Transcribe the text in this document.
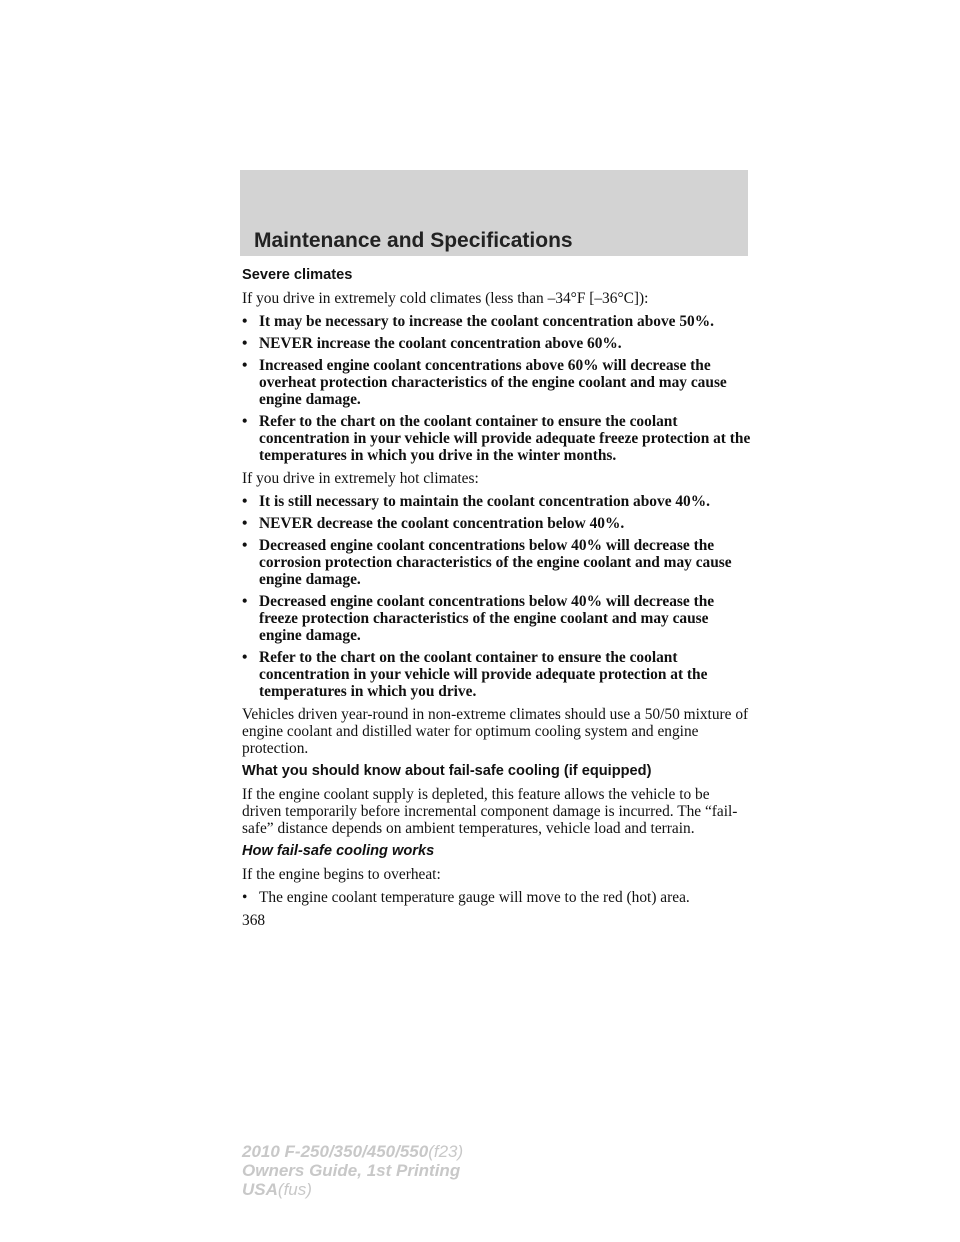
Maintenance and Specifications
Severe climates

If you drive in extremely cold climates (less than –34°F [–36°C]):

• It may be necessary to increase the coolant concentration above 50%.
• NEVER increase the coolant concentration above 60%.
• Increased engine coolant concentrations above 60% will decrease the overheat protection characteristics of the engine coolant and may cause engine damage.
• Refer to the chart on the coolant container to ensure the coolant concentration in your vehicle will provide adequate freeze protection at the temperatures in which you drive in the winter months.

If you drive in extremely hot climates:

• It is still necessary to maintain the coolant concentration above 40%.
• NEVER decrease the coolant concentration below 40%.
• Decreased engine coolant concentrations below 40% will decrease the corrosion protection characteristics of the engine coolant and may cause engine damage.
• Decreased engine coolant concentrations below 40% will decrease the freeze protection characteristics of the engine coolant and may cause engine damage.
• Refer to the chart on the coolant container to ensure the coolant concentration in your vehicle will provide adequate protection at the temperatures in which you drive.

Vehicles driven year-round in non-extreme climates should use a 50/50 mixture of engine coolant and distilled water for optimum cooling system and engine protection.

What you should know about fail-safe cooling (if equipped)

If the engine coolant supply is depleted, this feature allows the vehicle to be driven temporarily before incremental component damage is incurred. The “fail-safe” distance depends on ambient temperatures, vehicle load and terrain.

How fail-safe cooling works

If the engine begins to overheat:

• The engine coolant temperature gauge will move to the red (hot) area.
368
2010 F-250/350/450/550(f23)
Owners Guide, 1st Printing
USA(fus)
